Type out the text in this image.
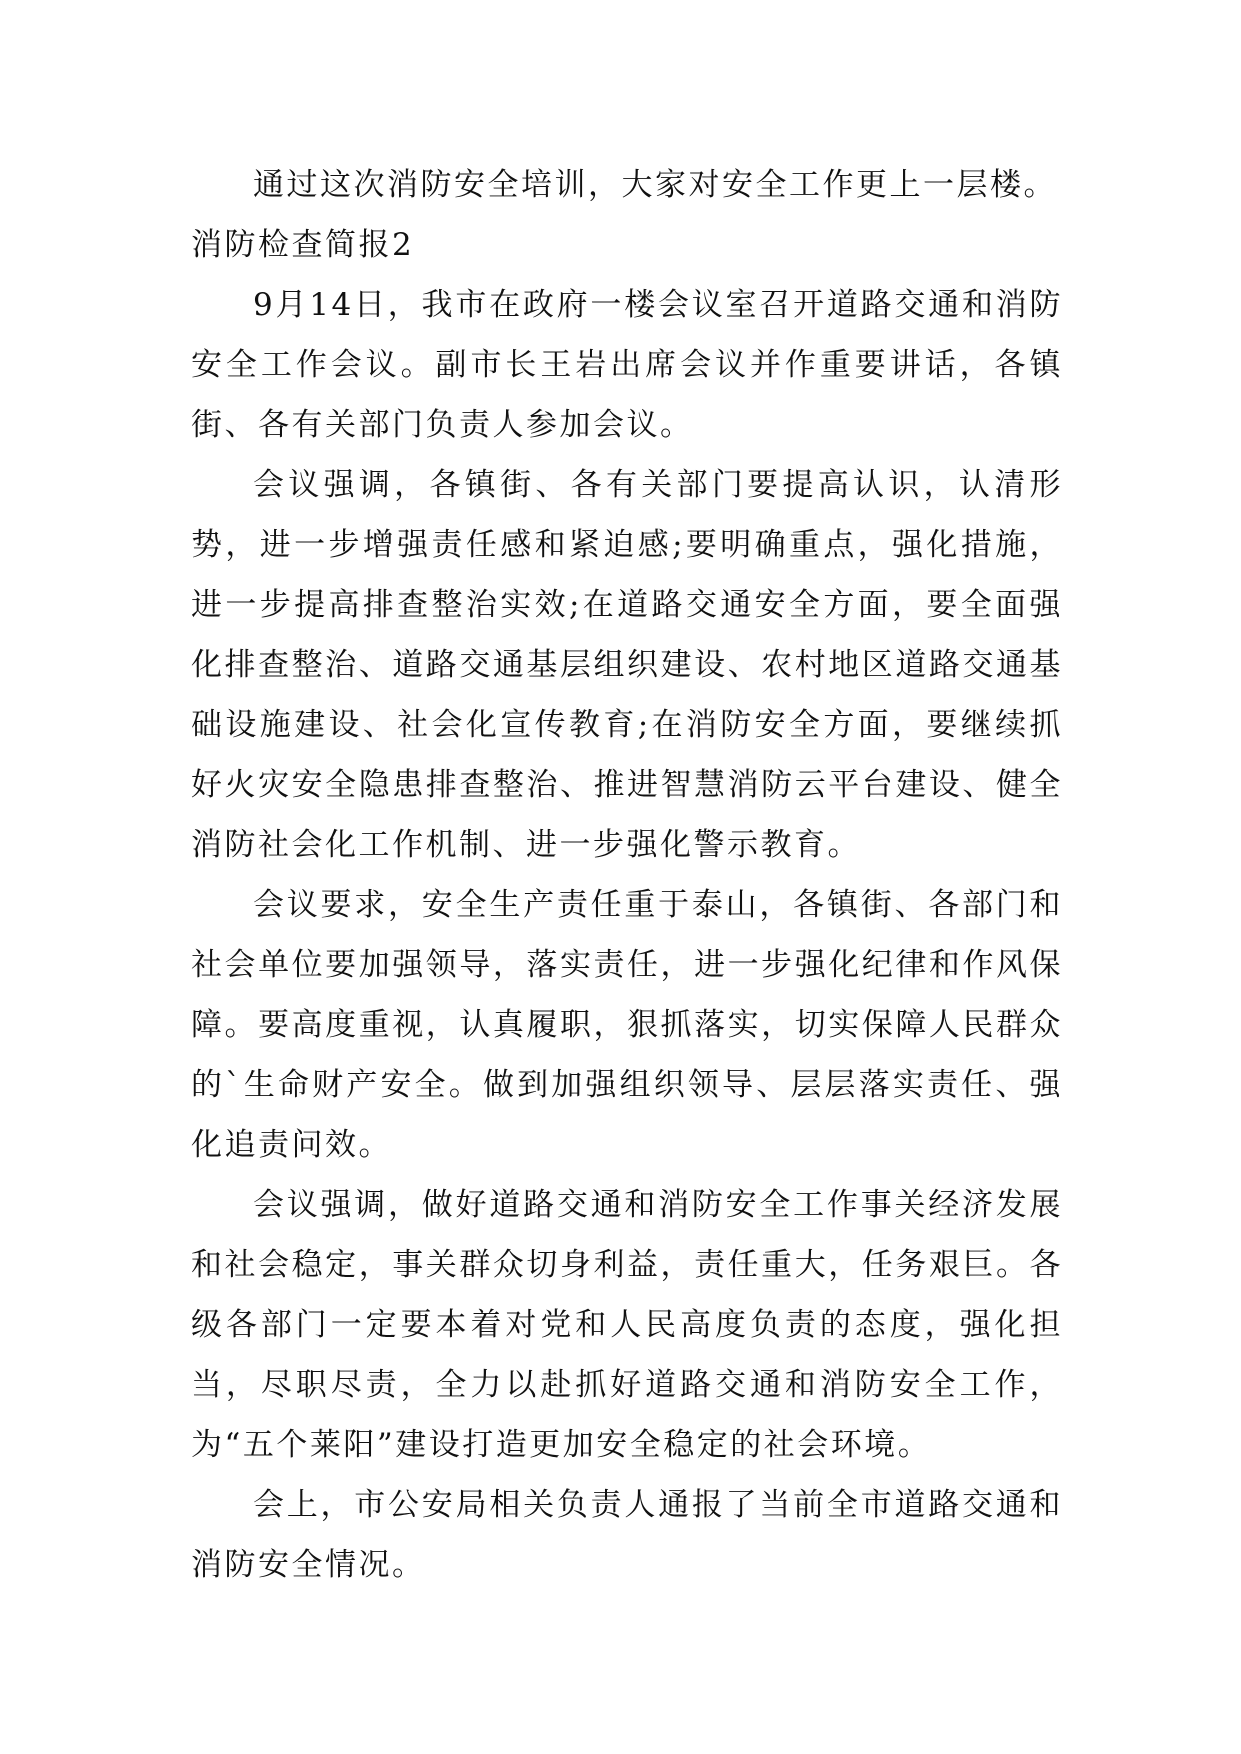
通过这次消防安全培训，大家对安全工作更上一层楼。

消防检查简报2

9月14日，我市在政府一楼会议室召开道路交通和消防安全工作会议。副市长王岩出席会议并作重要讲话，各镇街、各有关部门负责人参加会议。

会议强调，各镇街、各有关部门要提高认识，认清形势，进一步增强责任感和紧迫感;要明确重点，强化措施，进一步提高排查整治实效;在道路交通安全方面，要全面强化排查整治、道路交通基层组织建设、农村地区道路交通基础设施建设、社会化宣传教育;在消防安全方面，要继续抓好火灾安全隐患排查整治、推进智慧消防云平台建设、健全消防社会化工作机制、进一步强化警示教育。

会议要求，安全生产责任重于泰山，各镇街、各部门和社会单位要加强领导，落实责任，进一步强化纪律和作风保障。要高度重视，认真履职，狠抓落实，切实保障人民群众的`生命财产安全。做到加强组织领导、层层落实责任、强化追责问效。

会议强调，做好道路交通和消防安全工作事关经济发展和社会稳定，事关群众切身利益，责任重大，任务艰巨。各级各部门一定要本着对党和人民高度负责的态度，强化担当，尽职尽责，全力以赴抓好道路交通和消防安全工作，为“五个莱阳”建设打造更加安全稳定的社会环境。

会上，市公安局相关负责人通报了当前全市道路交通和消防安全情况。
